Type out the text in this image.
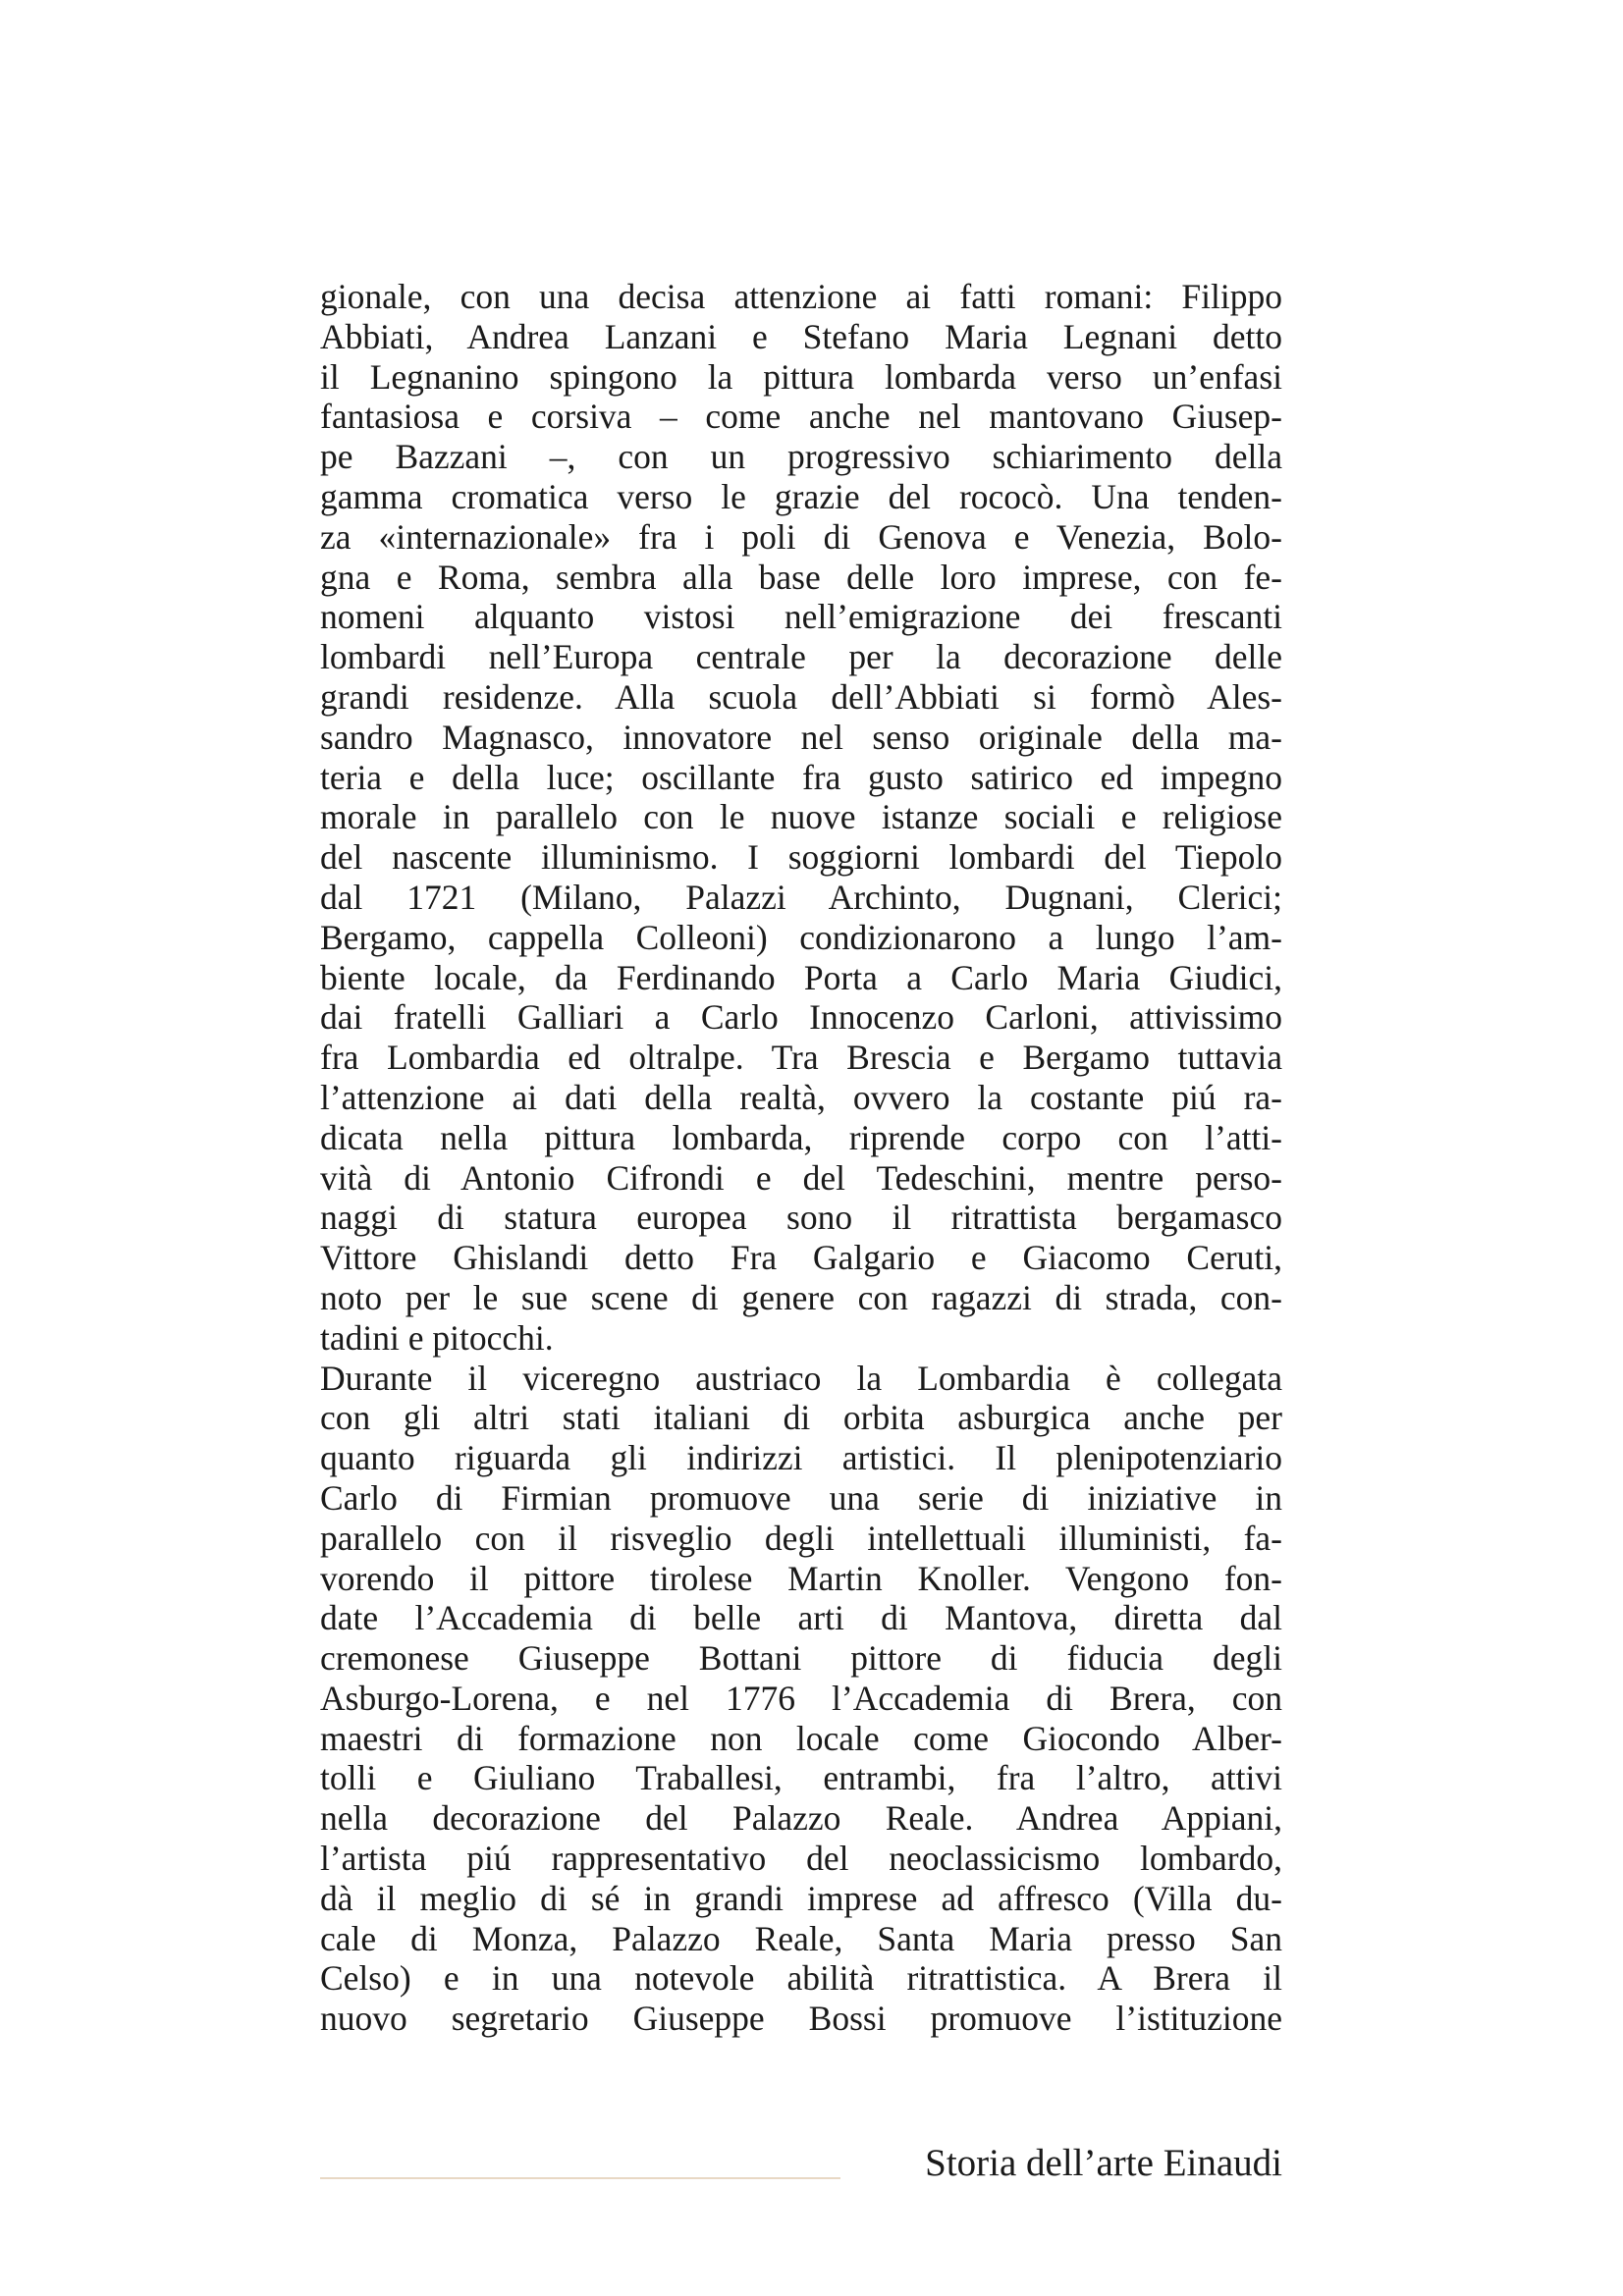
gionale, con una decisa attenzione ai fatti romani: Filippo
Abbiati, Andrea Lanzani e Stefano Maria Legnani detto
il Legnanino spingono la pittura lombarda verso un’enfasi
fantasiosa e corsiva – come anche nel mantovano Giusep-
pe Bazzani –, con un progressivo schiarimento della
gamma cromatica verso le grazie del rococò. Una tenden-
za «internazionale» fra i poli di Genova e Venezia, Bolo-
gna e Roma, sembra alla base delle loro imprese, con fe-
nomeni alquanto vistosi nell’emigrazione dei frescanti
lombardi nell’Europa centrale per la decorazione delle
grandi residenze. Alla scuola dell’Abbiati si formò Ales-
sandro Magnasco, innovatore nel senso originale della ma-
teria e della luce; oscillante fra gusto satirico ed impegno
morale in parallelo con le nuove istanze sociali e religiose
del nascente illuminismo. I soggiorni lombardi del Tiepolo
dal 1721 (Milano, Palazzi Archinto, Dugnani, Clerici;
Bergamo, cappella Colleoni) condizionarono a lungo l’am-
biente locale, da Ferdinando Porta a Carlo Maria Giudici,
dai fratelli Galliari a Carlo Innocenzo Carloni, attivissimo
fra Lombardia ed oltralpe. Tra Brescia e Bergamo tuttavia
l’attenzione ai dati della realtà, ovvero la costante piú ra-
dicata nella pittura lombarda, riprende corpo con l’atti-
vità di Antonio Cifrondi e del Tedeschini, mentre perso-
naggi di statura europea sono il ritrattista bergamasco
Vittore Ghislandi detto Fra Galgario e Giacomo Ceruti,
noto per le sue scene di genere con ragazzi di strada, con-
tadini e pitocchi.
Durante il viceregno austriaco la Lombardia è collegata
con gli altri stati italiani di orbita asburgica anche per
quanto riguarda gli indirizzi artistici. Il plenipotenziario
Carlo di Firmian promuove una serie di iniziative in
parallelo con il risveglio degli intellettuali illuministi, fa-
vorendo il pittore tirolese Martin Knoller. Vengono fon-
date l’Accademia di belle arti di Mantova, diretta dal
cremonese Giuseppe Bottani pittore di fiducia degli
Asburgo-Lorena, e nel 1776 l’Accademia di Brera, con
maestri di formazione non locale come Giocondo Alber-
tolli e Giuliano Traballesi, entrambi, fra l’altro, attivi
nella decorazione del Palazzo Reale. Andrea Appiani,
l’artista piú rappresentativo del neoclassicismo lombardo,
dà il meglio di sé in grandi imprese ad affresco (Villa du-
cale di Monza, Palazzo Reale, Santa Maria presso San
Celso) e in una notevole abilità ritrattistica. A Brera il
nuovo segretario Giuseppe Bossi promuove l’istituzione
Storia dell’arte Einaudi
